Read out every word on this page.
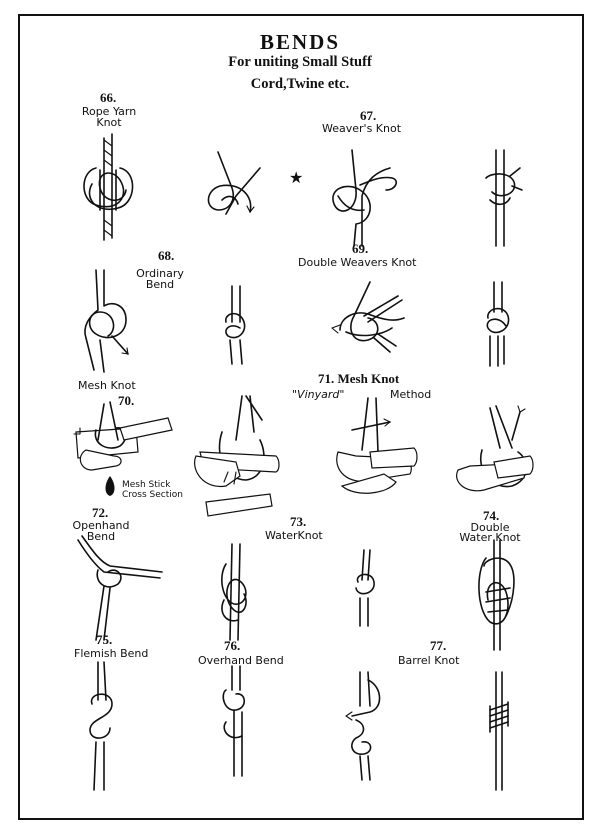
BENDS
For uniting Small Stuff
Cord,Twine etc.
66.
Rope Yarn
Knot	67.
Weaver's Knot
★
68.
Ordinary
Bend
69.
Double Weavers Knot
Mesh Knot
70.
71. Mesh Knot
"Vinyard"	Method
Mesh Stick
Cross Section
72.
Openhand
Bend
73.
WaterKnot
74.
Double
Water Knot
75.
Flemish Bend
76.
Overhand Bend
77.
Barrel Knot
